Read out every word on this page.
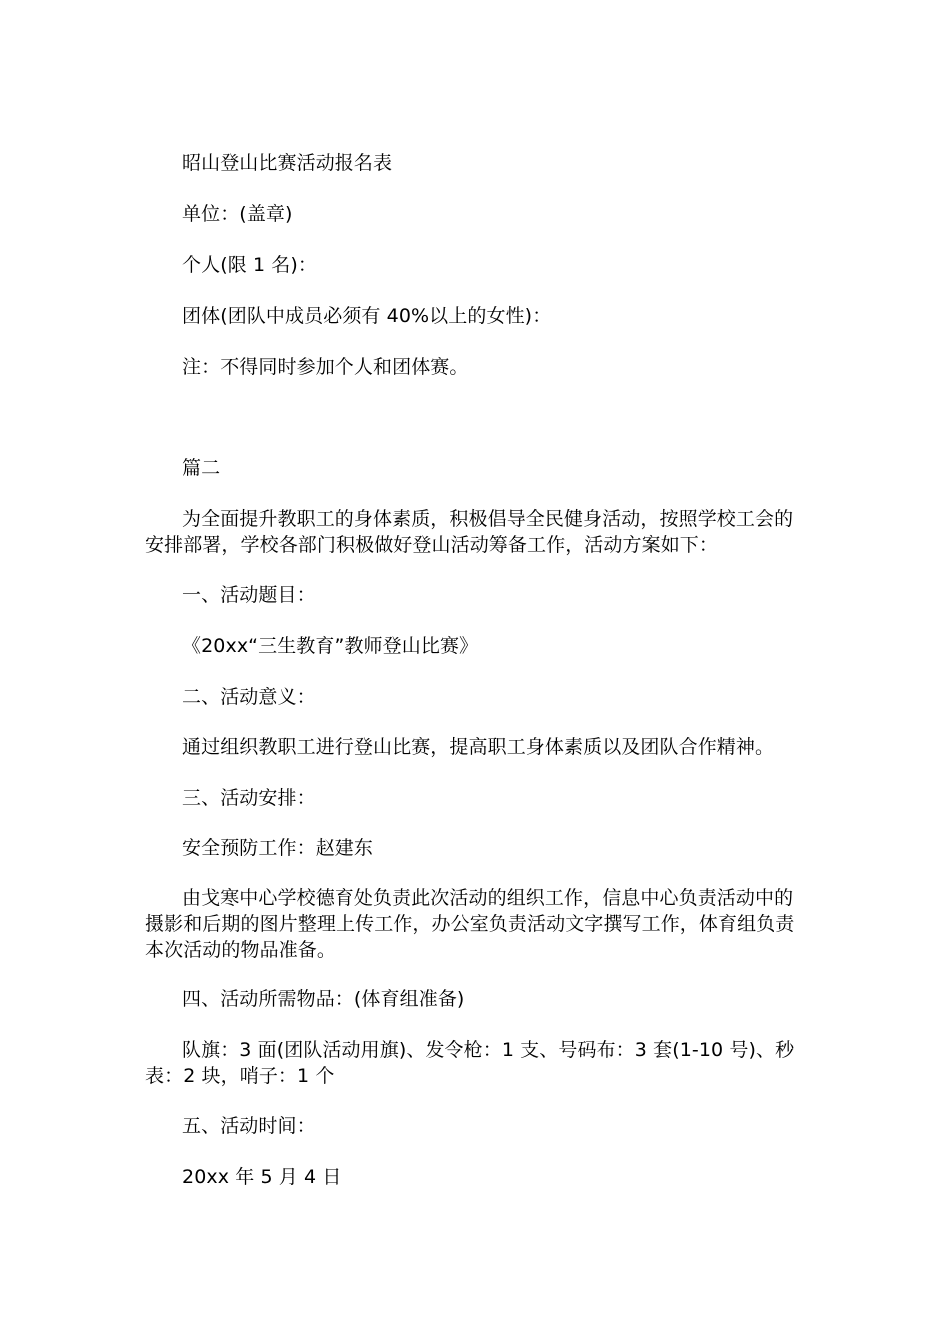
昭山登山比赛活动报名表

单位：(盖章)

个人(限 1 名)：

团体(团队中成员必须有 40%以上的女性)：

注：不得同时参加个人和团体赛。

篇二

为全面提升教职工的身体素质，积极倡导全民健身活动，按照学校工会的安排部署，学校各部门积极做好登山活动筹备工作，活动方案如下：

一、活动题目：

《20xx“三生教育”教师登山比赛》

二、活动意义：

通过组织教职工进行登山比赛，提高职工身体素质以及团队合作精神。

三、活动安排：

安全预防工作：赵建东

由戈寒中心学校德育处负责此次活动的组织工作，信息中心负责活动中的摄影和后期的图片整理上传工作，办公室负责活动文字撰写工作，体育组负责本次活动的物品准备。

四、活动所需物品：(体育组准备)

队旗：3 面(团队活动用旗)、发令枪：1 支、号码布：3 套(1-10 号)、秒表：2 块，哨子：1 个

五、活动时间：

20xx 年 5 月 4 日
